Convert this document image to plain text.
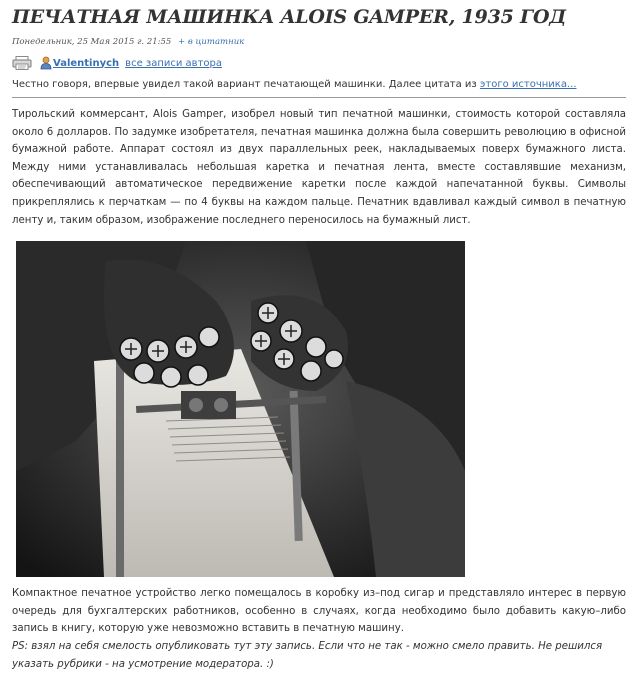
ПЕЧАТНАЯ МАШИНКА ALOIS GAMPER, 1935 ГОД
Понедельник, 25 Мая 2015 г. 21:55 + в цитатник
Valentinych все записи автора
Честно говоря, впервые увидел такой вариант печатающей машинки. Далее цитата из этого источника...

Тирольский коммерсант, Alois Gamper, изобрел новый тип печатной машинки, стоимость которой составляла около 6 долларов. По задумке изобретателя, печатная машинка должна была совершить революцию в офисной бумажной работе. Аппарат состоял из двух параллельных реек, накладываемых поверх бумажного листа. Между ними устанавливалась небольшая каретка и печатная лента, вместе составлявшие механизм, обеспечивающий автоматическое передвижение каретки после каждой напечатанной буквы. Символы прикреплялись к перчаткам — по 4 буквы на каждом пальце. Печатник вдавливал каждый символ в печатную ленту и, таким образом, изображение последнего переносилось на бумажный лист.

Компактное печатное устройство легко помещалось в коробку из–под сигар и представляло интерес в первую очередь для бухгалтерских работников, особенно в случаях, когда необходимо было добавить какую–либо запись в книгу, которую уже невозможно вставить в печатную машину.

PS: взял на себя смелость опубликовать тут эту запись. Если что не так - можно смело править. Не решился указать рубрики - на усмотрение модератора. :)
